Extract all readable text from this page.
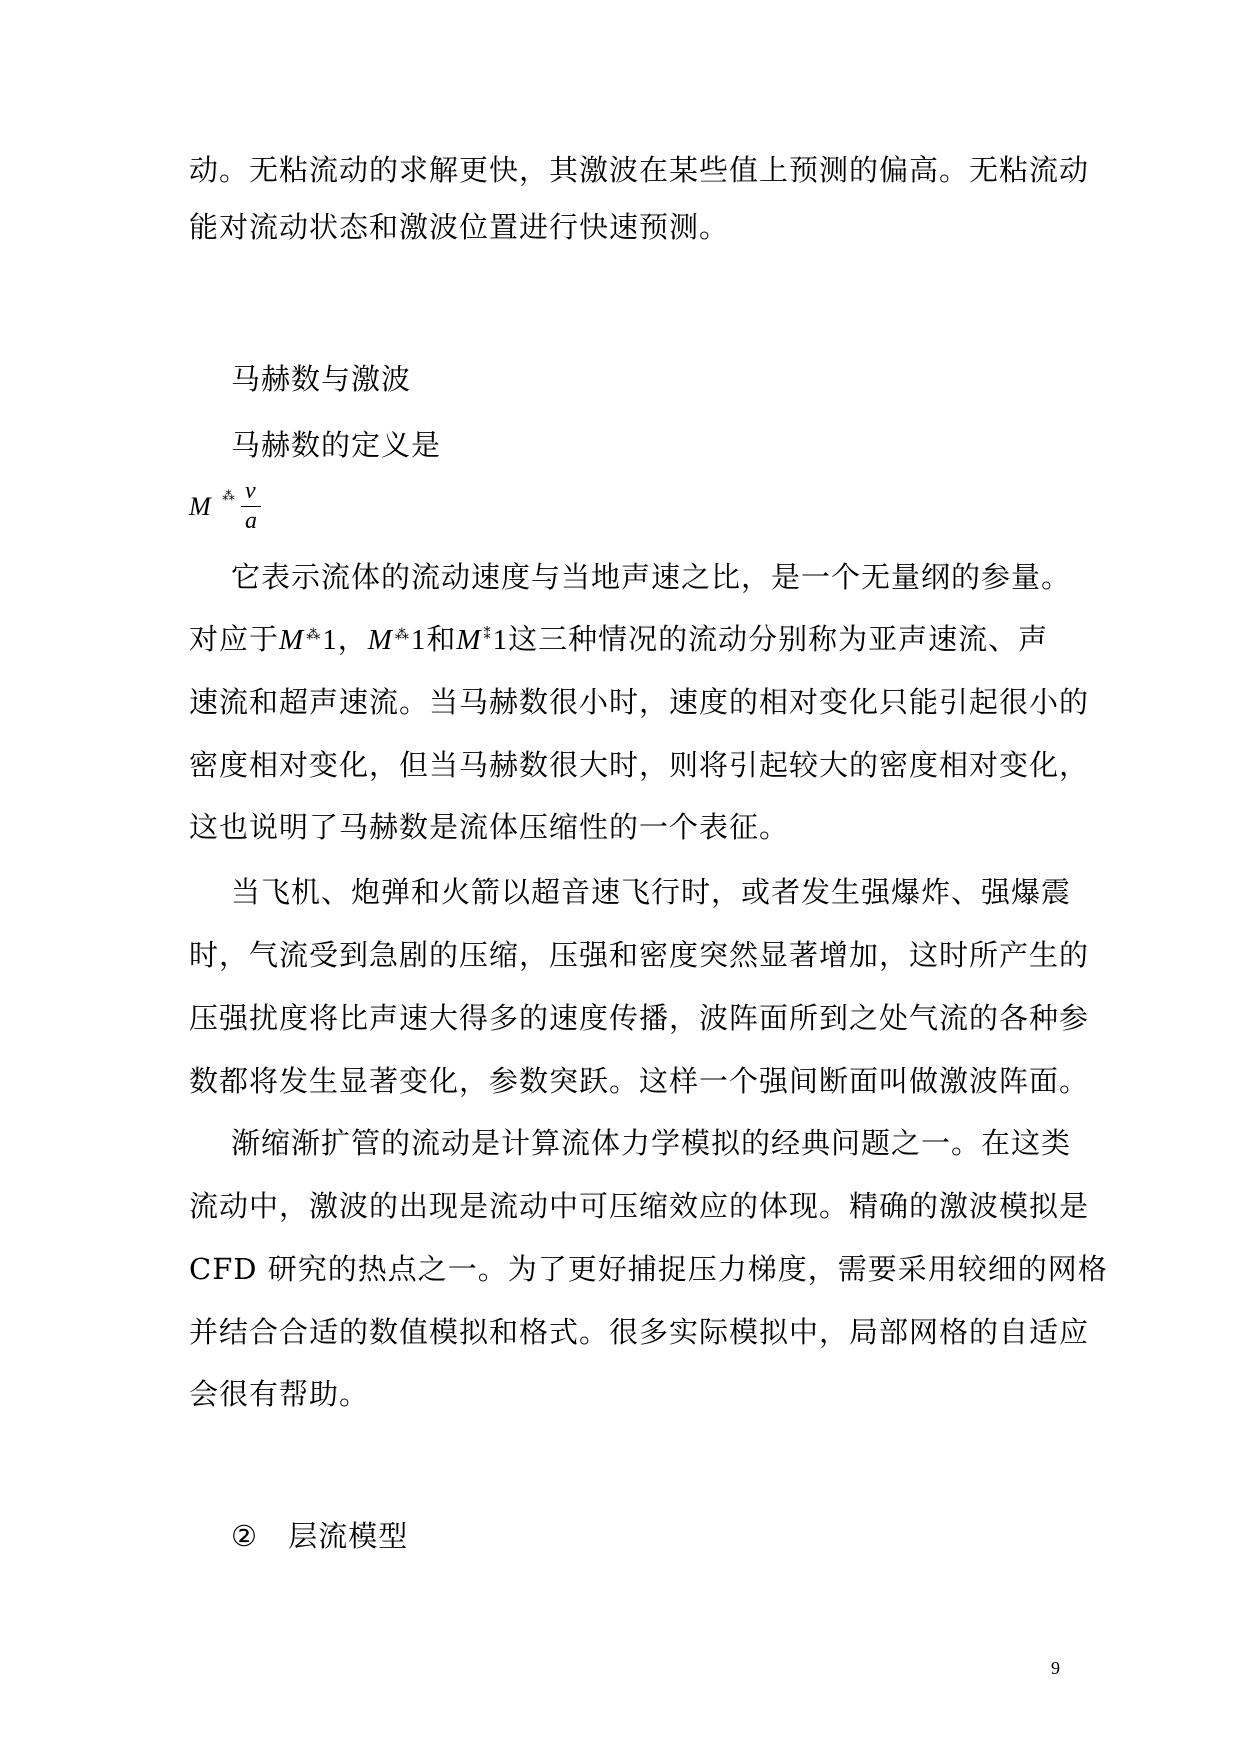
动。无粘流动的求解更快，其激波在某些值上预测的偏高。无粘流动
能对流动状态和激波位置进行快速预测。
马赫数与激波
马赫数的定义是
M ⁂ v
a
它表示流体的流动速度与当地声速之比，是一个无量纲的参量。
对应于M ⁂1，M ⁂1和M ⁑1这三种情况的流动分别称为亚声速流、声
速流和超声速流。当马赫数很小时，速度的相对变化只能引起很小的
密度相对变化，但当马赫数很大时，则将引起较大的密度相对变化，
这也说明了马赫数是流体压缩性的一个表征。
当飞机、炮弹和火箭以超音速飞行时，或者发生强爆炸、强爆震
时，气流受到急剧的压缩，压强和密度突然显著增加，这时所产生的
压强扰度将比声速大得多的速度传播，波阵面所到之处气流的各种参
数都将发生显著变化，参数突跃。这样一个强间断面叫做激波阵面。
渐缩渐扩管的流动是计算流体力学模拟的经典问题之一。在这类
流动中，激波的出现是流动中可压缩效应的体现。精确的激波模拟是
CFD 研究的热点之一。为了更好捕捉压力梯度，需要采用较细的网格
并结合合适的数值模拟和格式。很多实际模拟中，局部网格的自适应
会很有帮助。
② 层流模型
9
